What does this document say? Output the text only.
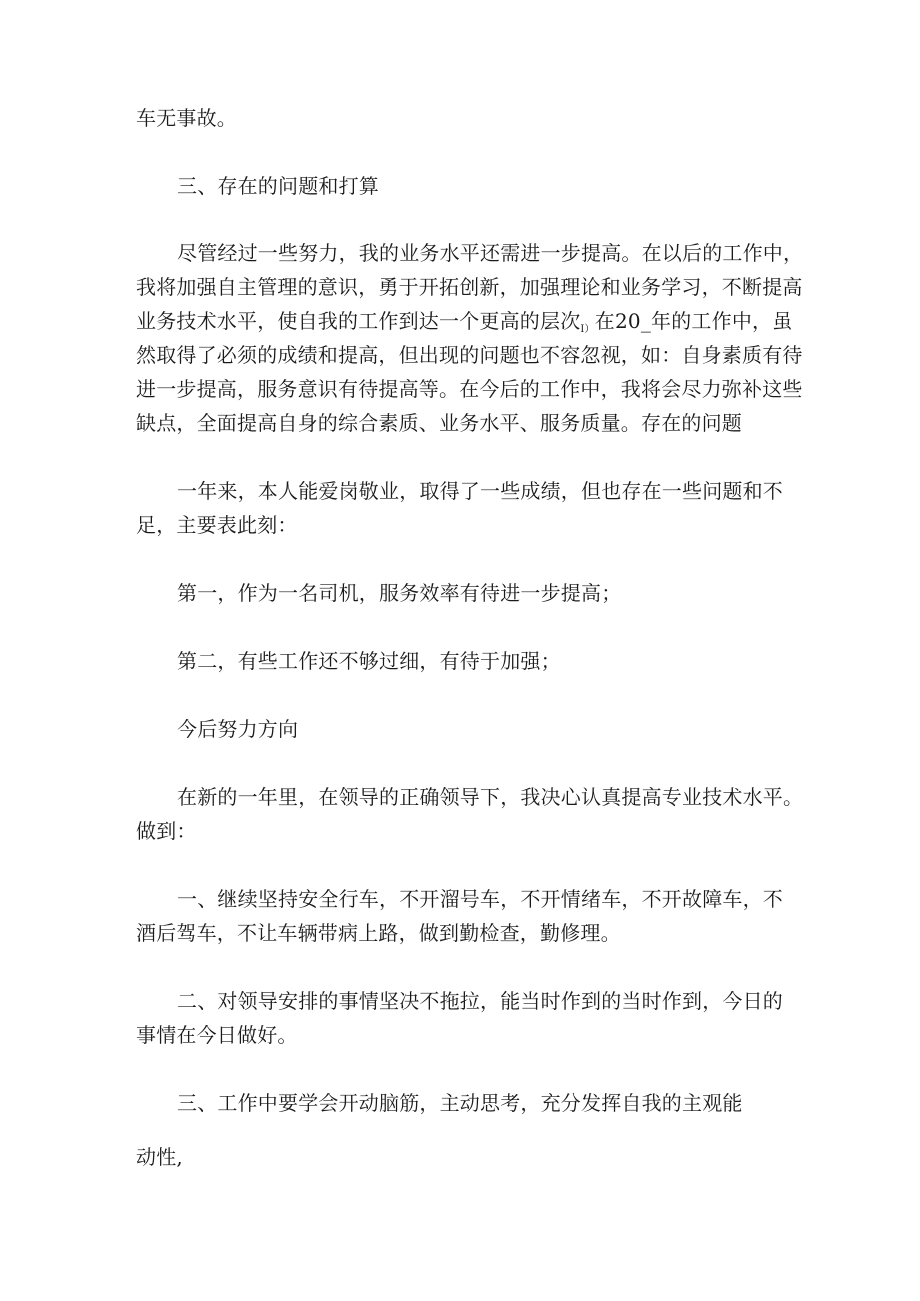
车无事故。
三、存在的问题和打算
尽管经过一些努力，我的业务水平还需进一步提高。在以后的工作中，
我将加强自主管理的意识，勇于开拓创新，加强理论和业务学习，不断提高
业务技术水平，使自我的工作到达一个更高的层次$_{I)}$在20_年的工作中，虽
然取得了必须的成绩和提高，但出现的问题也不容忽视，如：自身素质有待
进一步提高，服务意识有待提高等。在今后的工作中，我将会尽力弥补这些
缺点，全面提高自身的综合素质、业务水平、服务质量。存在的问题
一年来，本人能爱岗敬业，取得了一些成绩，但也存在一些问题和不
足，主要表此刻：
第一，作为一名司机，服务效率有待进一步提高；
第二，有些工作还不够过细，有待于加强；
今后努力方向
在新的一年里，在领导的正确领导下，我决心认真提高专业技术水平。
做到：
一、继续坚持安全行车，不开溜号车，不开情绪车，不开故障车，不
酒后驾车，不让车辆带病上路，做到勤检查，勤修理。
二、对领导安排的事情坚决不拖拉，能当时作到的当时作到，今日的
事情在今日做好。
三、工作中要学会开动脑筋，主动思考，充分发挥自我的主观能
动性,
